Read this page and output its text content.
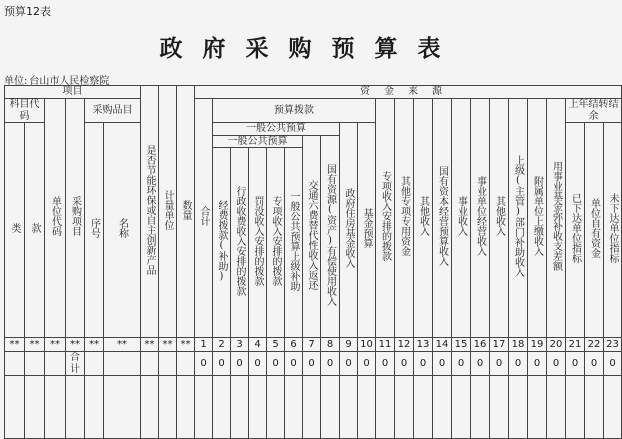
预算12表
政府采购预算表
单位: 台山市人民检察院
项目						是否节能环保或自主创新产品	计量单位	数量	资金来源																							
科目代码		单位代码	采购项目	采购品目					合计	预算拨款									专项收入安排的拨款	其他专项专用资金	其他收入	国有资本经营预算收入	事业收入	事业单位经营收入	其他收入	上级(主管)部门补助收入	附属单位上缴收入	用事业基金弥补收支差额	上年结转结余	
类	款			序号	名称					一般公共预算							政府住房基金收入	基金预算											已下达单位指标	单位自有资金	未下达单位指标	
										一般公共预算					交通六费替代性收入返还	国有资源(资产)有偿使用收入																
										经费拨款(补助)	行政收费收入安排的拨款	罚没收入安排的拨款	专项收入安排的拨款	一般公共预算上级补助																		
**	**	**	**	**	**	**	**	**	1	2	3	4	5	6	7	8	9	10	11	12	13	14	15	16	17	18	19	20	21	22	23	
			合计						0	0	0	0	0	0	0	0	0	0	0	0	0	0	0	0	0	0	0	0	0	0	0	
